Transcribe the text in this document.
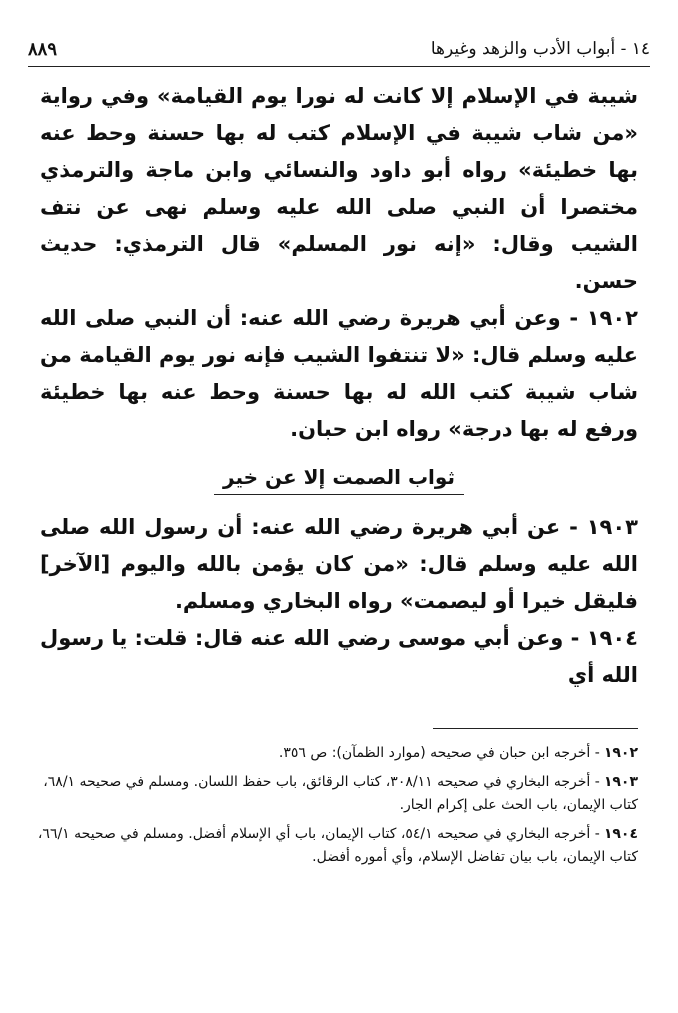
١٤ - أبواب الأدب والزهد وغيرها
٨٨٩

شيبة في الإسلام إلا كانت له نورا يوم القيامة» وفي رواية «من شاب شيبة في الإسلام كتب له بها حسنة وحط عنه بها خطيئة» رواه أبو داود والنسائي وابن ماجة والترمذي مختصرا أن النبي صلى الله عليه وسلم نهى عن نتف الشيب وقال: «إنه نور المسلم» قال الترمذي: حديث حسن.

١٩٠٢ - وعن أبي هريرة رضي الله عنه: أن النبي صلى الله عليه وسلم قال: «لا تنتفوا الشيب فإنه نور يوم القيامة من شاب شيبة كتب الله له بها حسنة وحط عنه بها خطيئة ورفع له بها درجة» رواه ابن حبان.

ثواب الصمت إلا عن خير

١٩٠٣ - عن أبي هريرة رضي الله عنه: أن رسول الله صلى الله عليه وسلم قال: «من كان يؤمن بالله واليوم [الآخر] فليقل خيرا أو ليصمت» رواه البخاري ومسلم.

١٩٠٤ - وعن أبي موسى رضي الله عنه قال: قلت: يا رسول الله أي

١٩٠٢- أخرجه ابن حبان في صحيحه (موارد الظمآن): ص ٣٥٦.

١٩٠٣- أخرجه البخاري في صحيحه ٣٠٨/١١، كتاب الرقائق، باب حفظ اللسان. ومسلم في صحيحه ٦٨/١، كتاب الإيمان، باب الحث على إكرام الجار.

١٩٠٤- أخرجه البخاري في صحيحه ٥٤/١، كتاب الإيمان، باب أي الإسلام أفضل. ومسلم في صحيحه ٦٦/١، كتاب الإيمان، باب بيان تفاضل الإسلام، وأي أموره أفضل.
